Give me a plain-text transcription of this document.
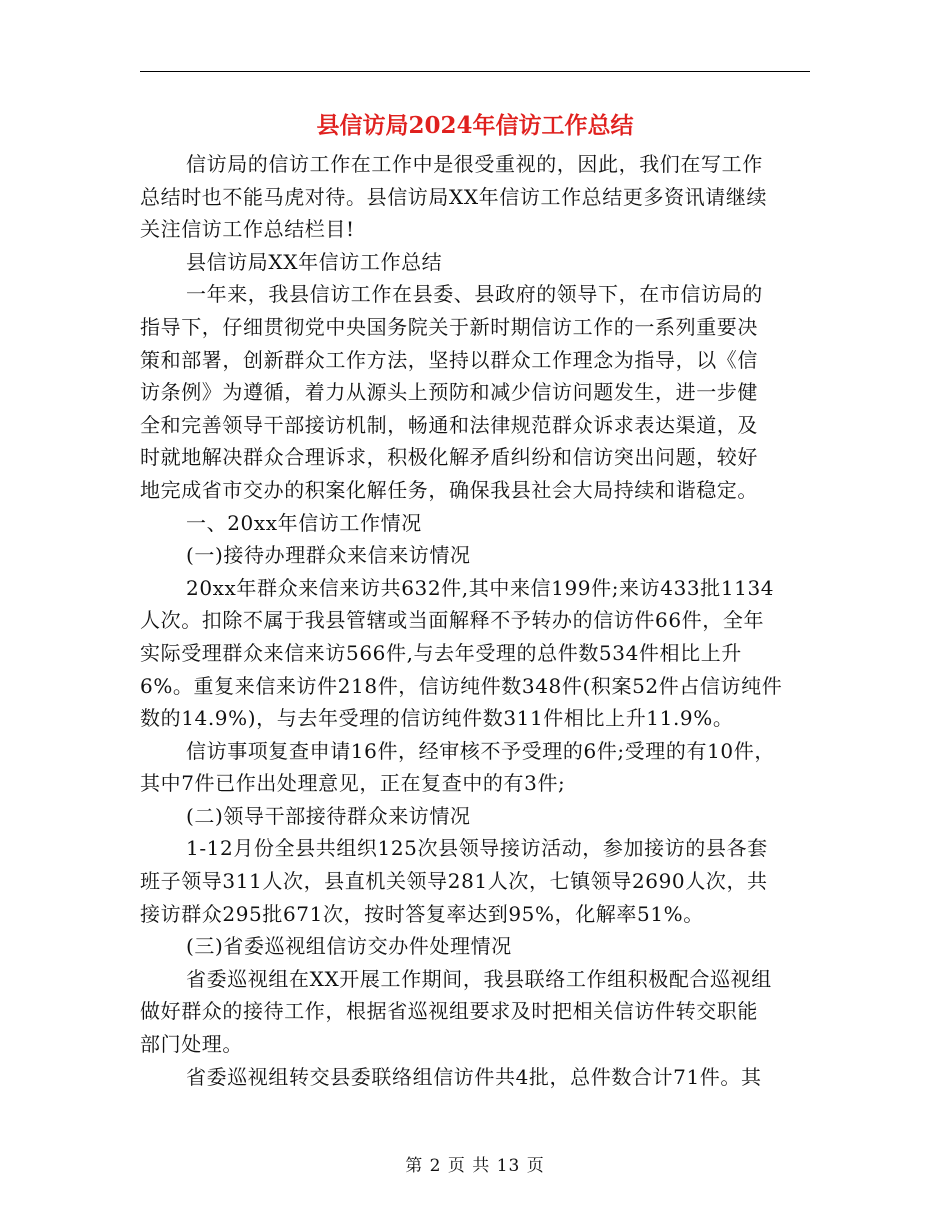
县信访局2024年信访工作总结
信访局的信访工作在工作中是很受重视的，因此，我们在写工作
总结时也不能马虎对待。县信访局XX年信访工作总结更多资讯请继续
关注信访工作总结栏目!
县信访局XX年信访工作总结
一年来，我县信访工作在县委、县政府的领导下，在市信访局的
指导下，仔细贯彻党中央国务院关于新时期信访工作的一系列重要决
策和部署，创新群众工作方法，坚持以群众工作理念为指导，以《信
访条例》为遵循，着力从源头上预防和减少信访问题发生，进一步健
全和完善领导干部接访机制，畅通和法律规范群众诉求表达渠道，及
时就地解决群众合理诉求，积极化解矛盾纠纷和信访突出问题，较好
地完成省市交办的积案化解任务，确保我县社会大局持续和谐稳定。
一、20xx年信访工作情况
(一)接待办理群众来信来访情况
20xx年群众来信来访共632件,其中来信199件;来访433批1134
人次。扣除不属于我县管辖或当面解释不予转办的信访件66件，全年
实际受理群众来信来访566件,与去年受理的总件数534件相比上升
6%。重复来信来访件218件，信访纯件数348件(积案52件占信访纯件
数的14.9%)，与去年受理的信访纯件数311件相比上升11.9%。
信访事项复查申请16件，经审核不予受理的6件;受理的有10件，
其中7件已作出处理意见，正在复查中的有3件;
(二)领导干部接待群众来访情况
1-12月份全县共组织125次县领导接访活动，参加接访的县各套
班子领导311人次，县直机关领导281人次，七镇领导2690人次，共
接访群众295批671次，按时答复率达到95%，化解率51%。
(三)省委巡视组信访交办件处理情况
省委巡视组在XX开展工作期间，我县联络工作组积极配合巡视组
做好群众的接待工作，根据省巡视组要求及时把相关信访件转交职能
部门处理。
省委巡视组转交县委联络组信访件共4批，总件数合计71件。其
第 2 页 共 13 页
